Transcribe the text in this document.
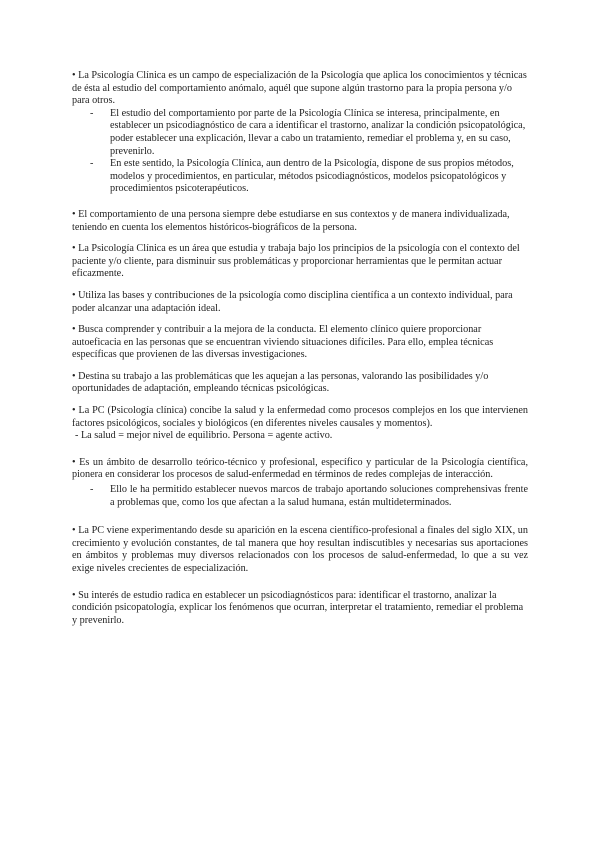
• La Psicología Clínica es un campo de especialización de la Psicología que aplica los conocimientos y técnicas de ésta al estudio del comportamiento anómalo, aquél que supone algún trastorno para la propia persona y/o para otros.

- El estudio del comportamiento por parte de la Psicología Clínica se interesa, principalmente, en establecer un psicodiagnóstico de cara a identificar el trastorno, analizar la condición psicopatológica, poder establecer una explicación, llevar a cabo un tratamiento, remediar el problema y, en su caso, prevenirlo.
- En este sentido, la Psicología Clínica, aun dentro de la Psicología, dispone de sus propios métodos, modelos y procedimientos, en particular, métodos psicodiagnósticos, modelos psicopatológicos y procedimientos psicoterapéuticos.

• El comportamiento de una persona siempre debe estudiarse en sus contextos y de manera individualizada, teniendo en cuenta los elementos históricos-biográficos de la persona.

• La Psicología Clínica es un área que estudia y trabaja bajo los principios de la psicología con el contexto del paciente y/o cliente, para disminuir sus problemáticas y proporcionar herramientas que le permitan actuar eficazmente.

• Utiliza las bases y contribuciones de la psicología como disciplina científica a un contexto individual, para poder alcanzar una adaptación ideal.

• Busca comprender y contribuir a la mejora de la conducta. El elemento clínico quiere proporcionar autoeficacia en las personas que se encuentran viviendo situaciones difíciles. Para ello, emplea técnicas específicas que provienen de las diversas investigaciones.

• Destina su trabajo a las problemáticas que les aquejan a las personas, valorando las posibilidades y/o oportunidades de adaptación, empleando técnicas psicológicas.

• La PC (Psicología clínica) concibe la salud y la enfermedad como procesos complejos en los que intervienen factores psicológicos, sociales y biológicos (en diferentes niveles causales y momentos).
- La salud = mejor nivel de equilibrio. Persona = agente activo.

• Es un ámbito de desarrollo teórico-técnico y profesional, específico y particular de la Psicología científica, pionera en considerar los procesos de salud-enfermedad en términos de redes complejas de interacción.

- Ello le ha permitido establecer nuevos marcos de trabajo aportando soluciones comprehensivas frente a problemas que, como los que afectan a la salud humana, están multideterminados.

• La PC viene experimentando desde su aparición en la escena científico-profesional a finales del siglo XIX, un crecimiento y evolución constantes, de tal manera que hoy resultan indiscutibles y necesarias sus aportaciones en ámbitos y problemas muy diversos relacionados con los procesos de salud-enfermedad, lo que a su vez exige niveles crecientes de especialización.

• Su interés de estudio radica en establecer un psicodiagnósticos para: identificar el trastorno, analizar la condición psicopatología, explicar los fenómenos que ocurran, interpretar el tratamiento, remediar el problema y prevenirlo.
